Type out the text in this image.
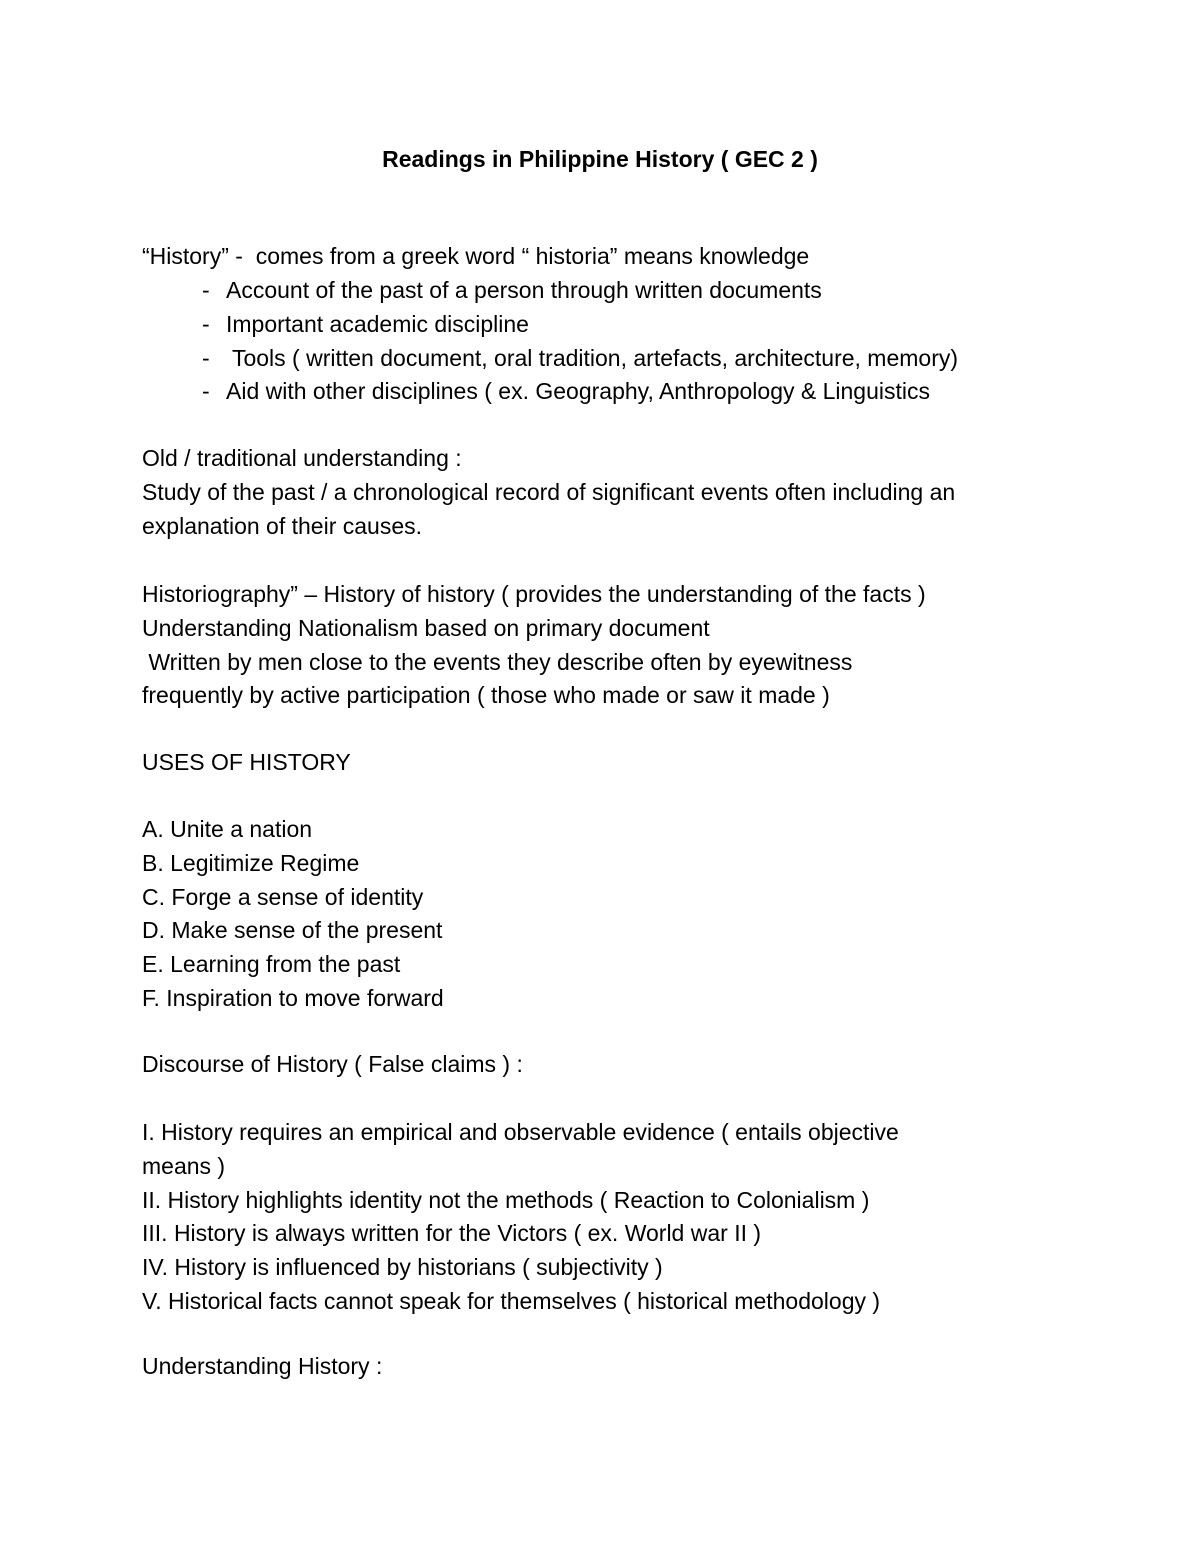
Readings in Philippine History ( GEC 2 )
“History” -  comes from a greek word “ historia” means knowledge
- Account of the past of a person through written documents
- Important academic discipline
- Tools ( written document, oral tradition, artefacts, architecture, memory)
- Aid with other disciplines ( ex. Geography, Anthropology & Linguistics
Old / traditional understanding :
Study of the past / a chronological record of significant events often including an
explanation of their causes.
Historiography” – History of history ( provides the understanding of the facts )
Understanding Nationalism based on primary document
Written by men close to the events they describe often by eyewitness
frequently by active participation ( those who made or saw it made )
USES OF HISTORY
A. Unite a nation
B. Legitimize Regime
C. Forge a sense of identity
D. Make sense of the present
E. Learning from the past
F. Inspiration to move forward
Discourse of History ( False claims ) :
I. History requires an empirical and observable evidence ( entails objective
means )
II. History highlights identity not the methods ( Reaction to Colonialism )
III. History is always written for the Victors ( ex. World war II )
IV. History is influenced by historians ( subjectivity )
V. Historical facts cannot speak for themselves ( historical methodology )
Understanding History :
